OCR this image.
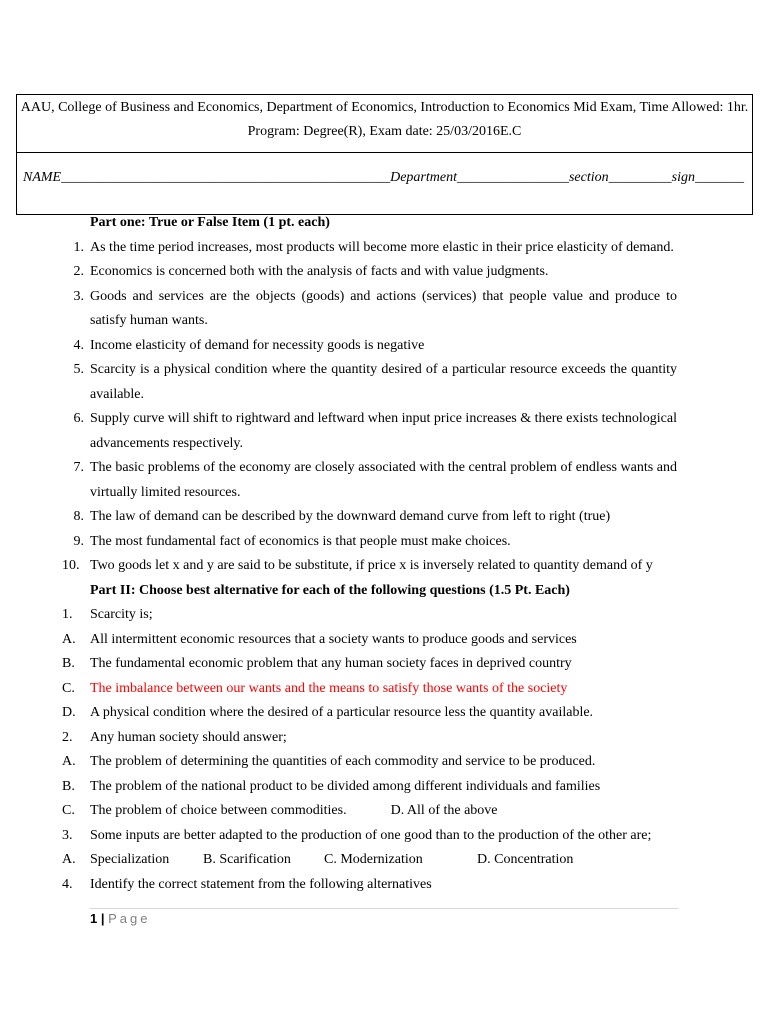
AAU, College of Business and Economics, Department of Economics, Introduction to Economics Mid Exam, Time Allowed: 1hr.
Program: Degree(R), Exam date: 25/03/2016E.C
NAME_______________________________________________Department________________section_________sign_______
Part one: True or False Item (1 pt. each)
1. As the time period increases, most products will become more elastic in their price elasticity of demand.
2. Economics is concerned both with the analysis of facts and with value judgments.
3. Goods and services are the objects (goods) and actions (services) that people value and produce to satisfy human wants.
4. Income elasticity of demand for necessity goods is negative
5. Scarcity is a physical condition where the quantity desired of a particular resource exceeds the quantity available.
6. Supply curve will shift to rightward and leftward when input price increases & there exists technological advancements respectively.
7. The basic problems of the economy are closely associated with the central problem of endless wants and virtually limited resources.
8. The law of demand can be described by the downward demand curve from left to right (true)
9. The most fundamental fact of economics is that people must make choices.
10. Two goods let x and y are said to be substitute, if price x is inversely related to quantity demand of y
Part II: Choose best alternative for each of the following questions (1.5 Pt. Each)
1.	Scarcity is;
A.	All intermittent economic resources that a society wants to produce goods and services
B.	The fundamental economic problem that any human society faces in deprived country
C.	The imbalance between our wants and the means to satisfy those wants of the society
D.	A physical condition where the desired of a particular resource less the quantity available.
2.	Any human society should answer;
A.	The problem of determining the quantities of each commodity and service to be produced.
B.	The problem of the national product to be divided among different individuals and families
C.	The problem of choice between commodities.	D. All of the above
3.	Some inputs are better adapted to the production of one good than to the production of the other are;
A.	Specialization B. Scarification C. Modernization	D. Concentration
4.	Identify the correct statement from the following alternatives
1 | Page
